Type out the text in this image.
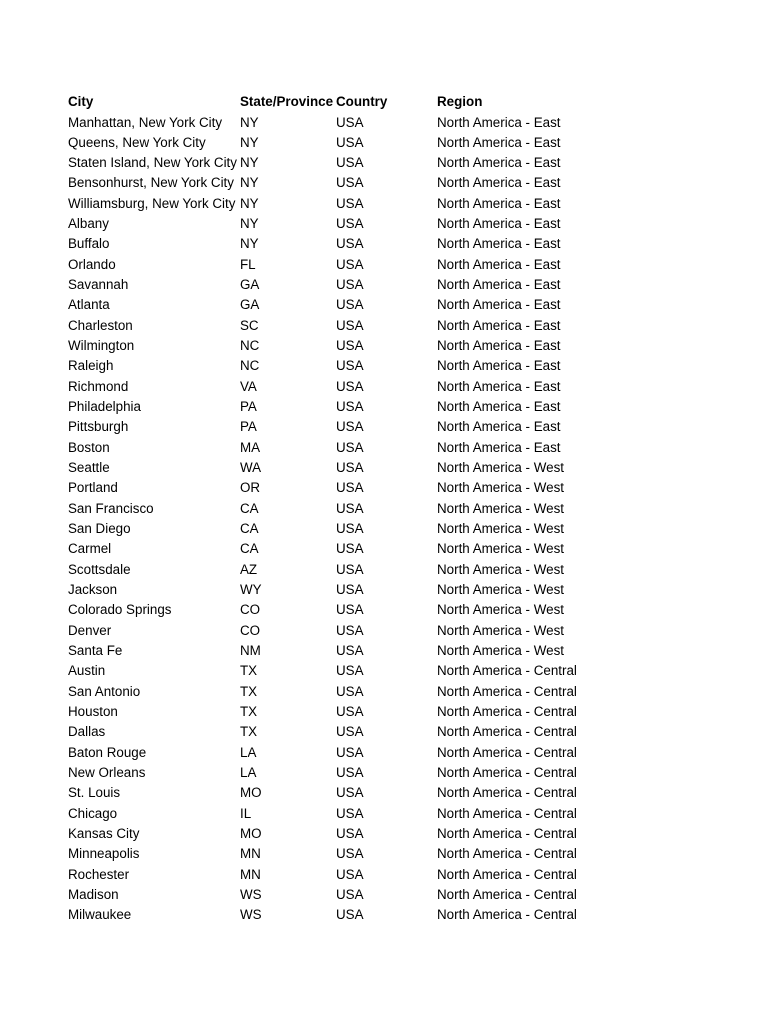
City	State/Province Country	Region
Manhattan, New York City	NY	USA	North America - East
Queens, New York City	NY	USA	North America - East
Staten Island, New York City NY	USA	North America - East
Bensonhurst, New York City NY	USA	North America - East
Williamsburg, New York City NY	USA	North America - East
Albany	NY	USA	North America - East
Buffalo	NY	USA	North America - East
Orlando	FL	USA	North America - East
Savannah	GA	USA	North America - East
Atlanta	GA	USA	North America - East
Charleston	SC	USA	North America - East
Wilmington	NC	USA	North America - East
Raleigh	NC	USA	North America - East
Richmond	VA	USA	North America - East
Philadelphia	PA	USA	North America - East
Pittsburgh	PA	USA	North America - East
Boston	MA	USA	North America - East
Seattle	WA	USA	North America - West
Portland	OR	USA	North America - West
San Francisco	CA	USA	North America - West
San Diego	CA	USA	North America - West
Carmel	CA	USA	North America - West
Scottsdale	AZ	USA	North America - West
Jackson	WY	USA	North America - West
Colorado Springs	CO	USA	North America - West
Denver	CO	USA	North America - West
Santa Fe	NM	USA	North America - West
Austin	TX	USA	North America - Central
San Antonio	TX	USA	North America - Central
Houston	TX	USA	North America - Central
Dallas	TX	USA	North America - Central
Baton Rouge	LA	USA	North America - Central
New Orleans	LA	USA	North America - Central
St. Louis	MO	USA	North America - Central
Chicago	IL	USA	North America - Central
Kansas City	MO	USA	North America - Central
Minneapolis	MN	USA	North America - Central
Rochester	MN	USA	North America - Central
Madison	WS	USA	North America - Central
Milwaukee	WS	USA	North America - Central
